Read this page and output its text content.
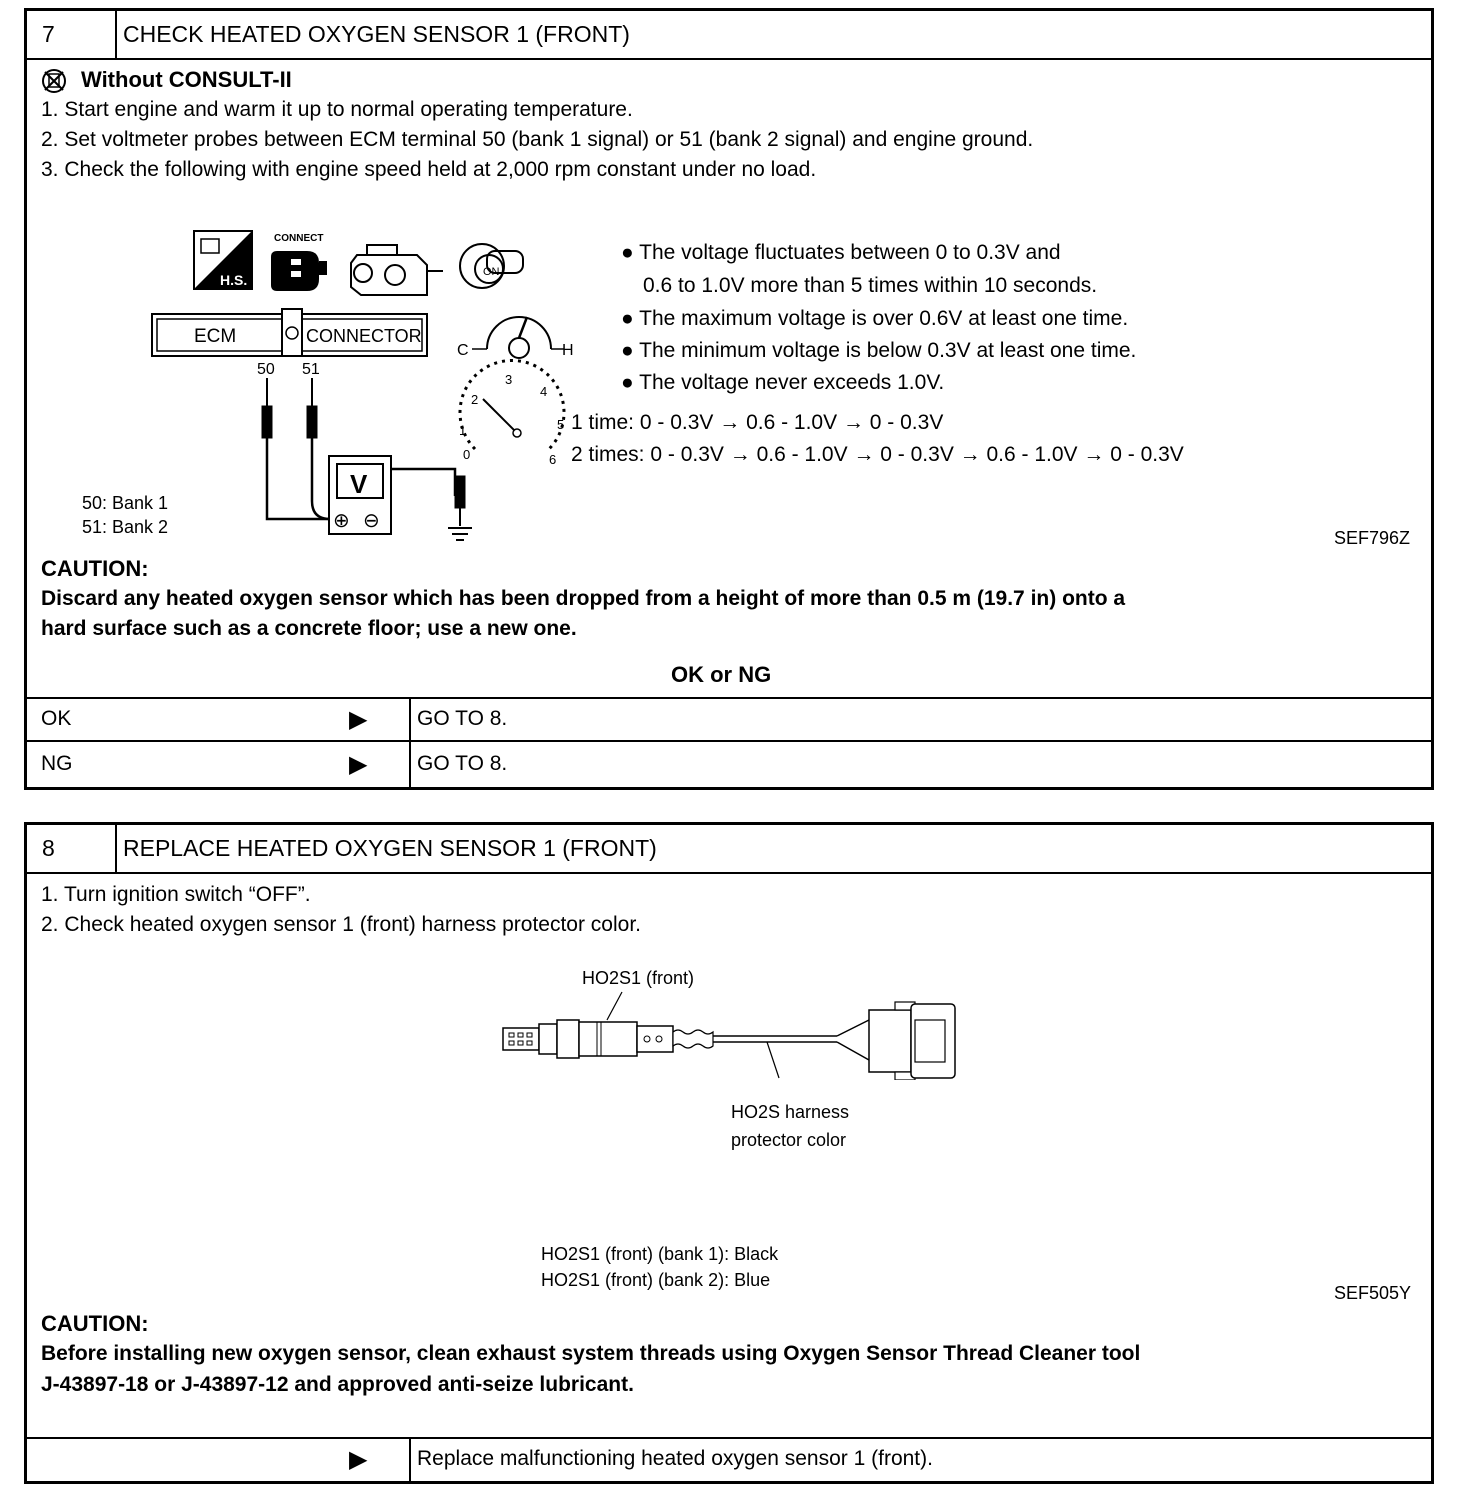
7	CHECK HEATED OXYGEN SENSOR 1 (FRONT)
Without CONSULT-II
1. Start engine and warm it up to normal operating temperature.
2. Set voltmeter probes between ECM terminal 50 (bank 1 signal) or 51 (bank 2 signal) and engine ground.
3. Check the following with engine speed held at 2,000 rpm constant under no load.
H.S.
CONNECT
ON
ECM	CONNECTOR
50 51
V
⊕ ⊖
C	H
0
1
2
3
4
5
6
50: Bank 1
51: Bank 2
● The voltage fluctuates between 0 to 0.3V and
0.6 to 1.0V more than 5 times within 10 seconds.
● The maximum voltage is over 0.6V at least one time.
● The minimum voltage is below 0.3V at least one time.
● The voltage never exceeds 1.0V.
1 time: 0 - 0.3V → 0.6 - 1.0V → 0 - 0.3V
2 times: 0 - 0.3V → 0.6 - 1.0V → 0 - 0.3V → 0.6 - 1.0V → 0 - 0.3V
SEF796Z
CAUTION:
Discard any heated oxygen sensor which has been dropped from a height of more than 0.5 m (19.7 in) onto a
hard surface such as a concrete floor; use a new one.
OK or NG
OK	▶ GO TO 8.
NG	▶ GO TO 8.
8	REPLACE HEATED OXYGEN SENSOR 1 (FRONT)
1. Turn ignition switch “OFF”.
2. Check heated oxygen sensor 1 (front) harness protector color.
HO2S1 (front)
HO2S harness
protector color
HO2S1 (front) (bank 1): Black
HO2S1 (front) (bank 2): Blue
SEF505Y
CAUTION:
Before installing new oxygen sensor, clean exhaust system threads using Oxygen Sensor Thread Cleaner tool
J-43897-18 or J-43897-12 and approved anti-seize lubricant.
▶ Replace malfunctioning heated oxygen sensor 1 (front).
